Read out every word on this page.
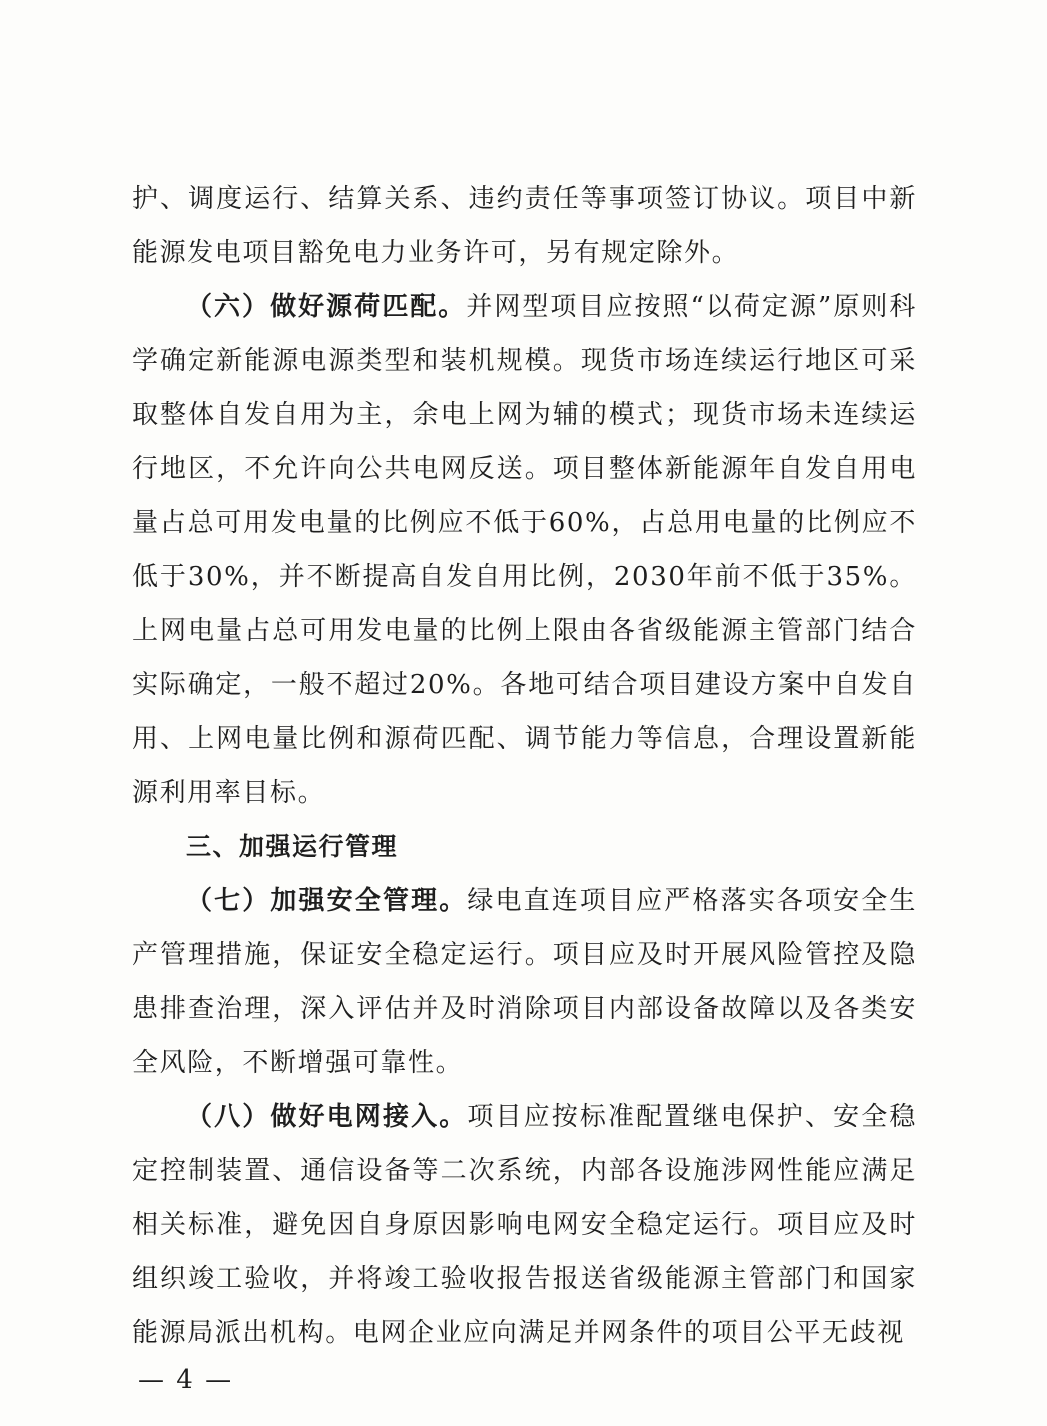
护、调度运行、结算关系、违约责任等事项签订协议。项目中新能源发电项目豁免电力业务许可，另有规定除外。

（六）做好源荷匹配。并网型项目应按照“以荷定源”原则科学确定新能源电源类型和装机规模。现货市场连续运行地区可采取整体自发自用为主，余电上网为辅的模式；现货市场未连续运行地区，不允许向公共电网反送。项目整体新能源年自发自用电量占总可用发电量的比例应不低于60%，占总用电量的比例应不低于30%，并不断提高自发自用比例，2030年前不低于35%。上网电量占总可用发电量的比例上限由各省级能源主管部门结合实际确定，一般不超过20%。各地可结合项目建设方案中自发自用、上网电量比例和源荷匹配、调节能力等信息，合理设置新能源利用率目标。

三、加强运行管理

（七）加强安全管理。绿电直连项目应严格落实各项安全生产管理措施，保证安全稳定运行。项目应及时开展风险管控及隐患排查治理，深入评估并及时消除项目内部设备故障以及各类安全风险，不断增强可靠性。

（八）做好电网接入。项目应按标准配置继电保护、安全稳定控制装置、通信设备等二次系统，内部各设施涉网性能应满足相关标准，避免因自身原因影响电网安全稳定运行。项目应及时组织竣工验收，并将竣工验收报告报送省级能源主管部门和国家能源局派出机构。电网企业应向满足并网条件的项目公平无歧视

— 4 —
